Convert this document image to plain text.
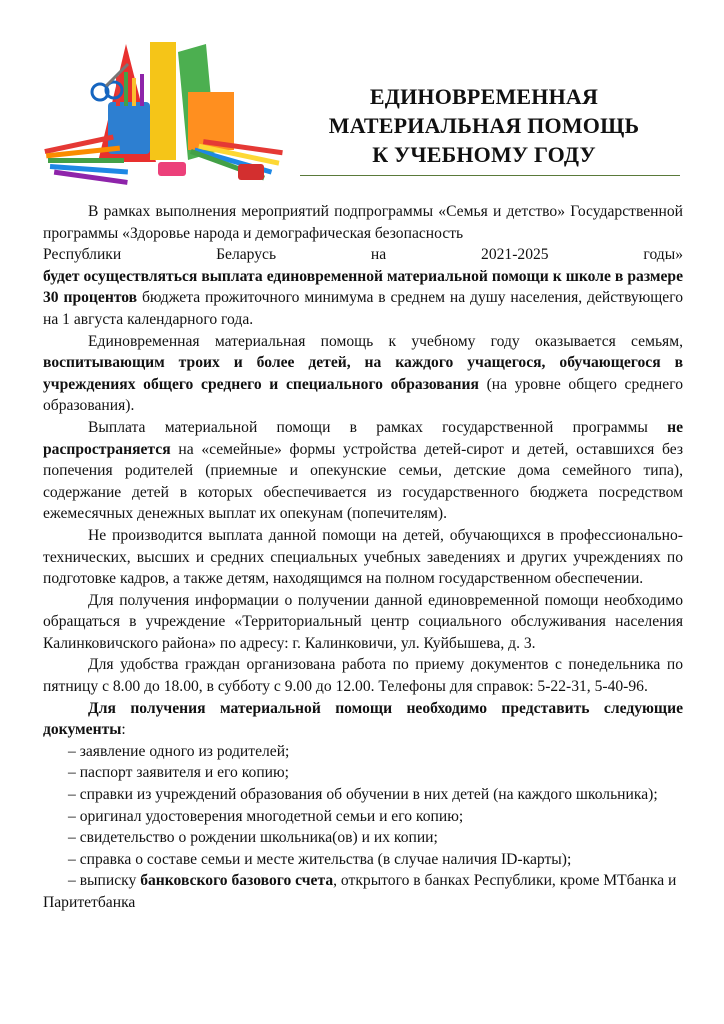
ЕДИНОВРЕМЕННАЯ
МАТЕРИАЛЬНАЯ ПОМОЩЬ
К УЧЕБНОМУ ГОДУ

В рамках выполнения мероприятий подпрограммы «Семья и детство» Государственной программы «Здоровье народа и демографическая безопасность
Республики Беларусь на 2021-2025 годы»
будет осуществляться выплата единовременной материальной помощи к школе в размере 30 процентов бюджета прожиточного минимума в среднем на душу населения, действующего на 1 августа календарного года.

Единовременная материальная помощь к учебному году оказывается семьям, воспитывающим троих и более детей, на каждого учащегося, обучающегося в учреждениях общего среднего и специального образования (на уровне общего среднего образования).

Выплата материальной помощи в рамках государственной программы не распространяется на «семейные» формы устройства детей-сирот и детей, оставшихся без попечения родителей (приемные и опекунские семьи, детские дома семейного типа), содержание детей в которых обеспечивается из государственного бюджета посредством ежемесячных денежных выплат их опекунам (попечителям).

Не производится выплата данной помощи на детей, обучающихся в профессионально-технических, высших и средних специальных учебных заведениях и других учреждениях по подготовке кадров, а также детям, находящимся на полном государственном обеспечении.

Для получения информации о получении данной единовременной помощи необходимо обращаться в учреждение «Территориальный центр социального обслуживания населения Калинковичского района» по адресу: г. Калинковичи, ул. Куйбышева, д. 3.

Для удобства граждан организована работа по приему документов с понедельника по пятницу с 8.00 до 18.00, в субботу с 9.00 до 12.00. Телефоны для справок: 5-22-31, 5-40-96.

Для получения материальной помощи необходимо представить следующие документы:

– заявление одного из родителей;
– паспорт заявителя и его копию;
– справки из учреждений образования об обучении в них детей (на каждого школьника);
– оригинал удостоверения многодетной семьи и его копию;
– свидетельство о рождении школьника(ов) и их копии;
– справка о составе семьи и месте жительства (в случае наличия ID-карты);
– выписку банковского базового счета, открытого в банках Республики, кроме МТбанка и Паритетбанка
